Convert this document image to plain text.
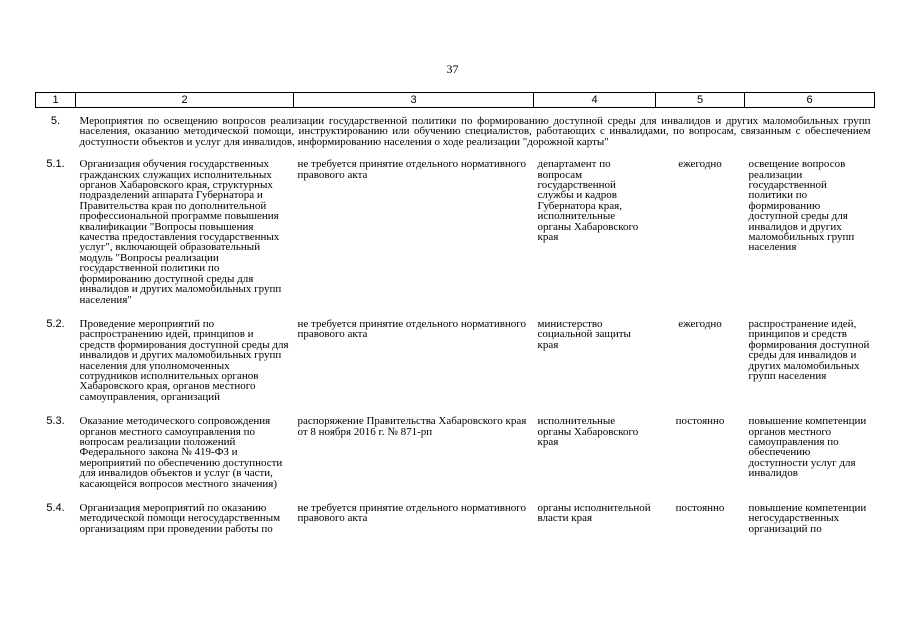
37
1	2	3	4	5	6
5.	Мероприятия по освещению вопросов реализации государственной политики по формированию доступной среды для инвалидов и других маломобильных групп населения, оказанию методической помощи, инструктированию или обучению специалистов, работающих с инвалидами, по вопросам, связанным с обеспечением доступности объектов и услуг для инвалидов, информированию населения о ходе реализации "дорожной карты"				
5.1.	Организация обучения государственных гражданских служащих исполнительных органов Хабаровского края, структурных подразделений аппарата Губернатора и Правительства края по дополнительной профессиональной программе повышения квалификации "Вопросы повышения качества предоставления государственных услуг", включающей образовательный модуль "Вопросы реализации государственной политики по формированию доступной среды для инвалидов и других маломобильных групп населения"	не требуется принятие отдельного нормативного правового акта	департамент по вопросам государственной службы и кадров Губернатора края, исполнительные органы Хабаровского края	ежегодно	освещение вопросов реализации государственной политики по формированию доступной среды для инвалидов и других маломобильных групп населения
5.2.	Проведение мероприятий по распространению идей, принципов и средств формирования доступной среды для инвалидов и других маломобильных групп населения для уполномоченных сотрудников исполнительных органов Хабаровского края, органов местного самоуправления, организаций	не требуется принятие отдельного нормативного правового акта	министерство социальной защиты края	ежегодно	распространение идей, принципов и средств формирования доступной среды для инвалидов и других маломобильных групп населения
5.3.	Оказание методического сопровождения органов местного самоуправления по вопросам реализации положений Федерального закона № 419-ФЗ и мероприятий по обеспечению доступности для инвалидов объектов и услуг (в части, касающейся вопросов местного значения)	распоряжение Правительства Хабаровского края от 8 ноября 2016 г. № 871-рп	исполнительные органы Хабаровского края	постоянно	повышение компетенции органов местного самоуправления по обеспечению доступности услуг для инвалидов
5.4.	Организация мероприятий по оказанию методической помощи негосударственным организациям при проведении работы по	не требуется принятие отдельного нормативного правового акта	органы исполнительной власти края	постоянно	повышение компетенции негосударственных организаций по
